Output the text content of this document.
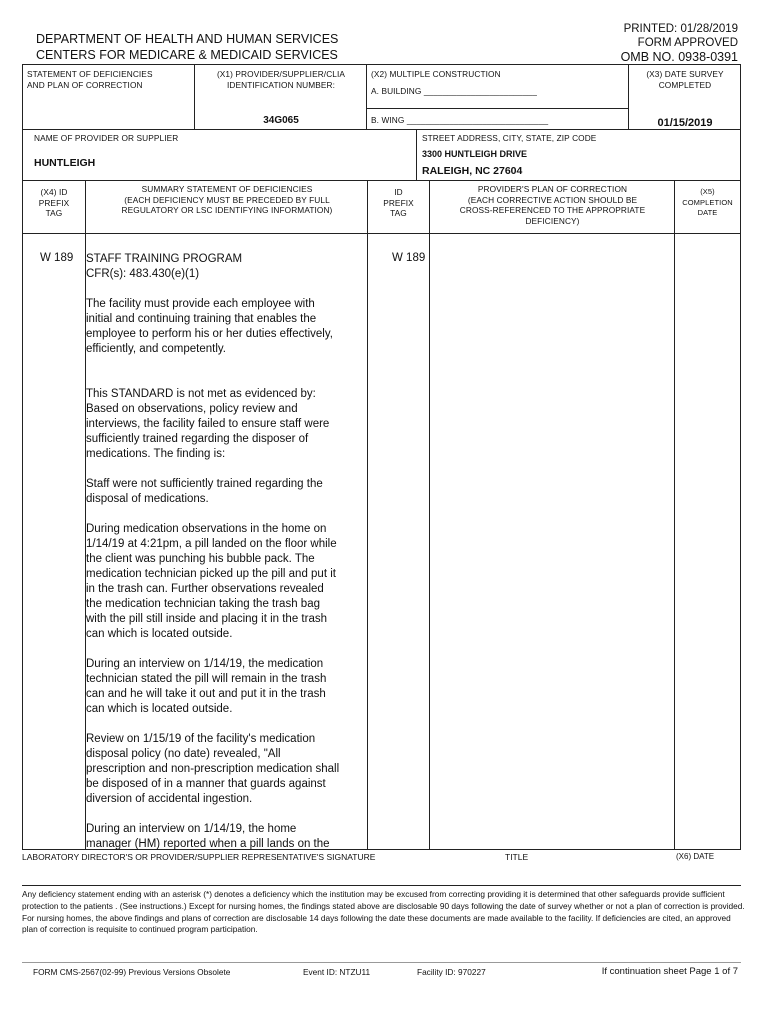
DEPARTMENT OF HEALTH AND HUMAN SERVICES
CENTERS FOR MEDICARE & MEDICAID SERVICES
PRINTED: 01/28/2019
FORM APPROVED
OMB NO. 0938-0391
STATEMENT OF DEFICIENCIES
AND PLAN OF CORRECTION
(X1) PROVIDER/SUPPLIER/CLIA
IDENTIFICATION NUMBER:
34G065
(X2) MULTIPLE CONSTRUCTION
A. BUILDING ________________________
B. WING ______________________________
(X3) DATE SURVEY
COMPLETED
01/15/2019
NAME OF PROVIDER OR SUPPLIER
HUNTLEIGH
STREET ADDRESS, CITY, STATE, ZIP CODE
3300 HUNTLEIGH DRIVE
RALEIGH, NC 27604
(X4) ID
PREFIX
TAG
SUMMARY STATEMENT OF DEFICIENCIES
(EACH DEFICIENCY MUST BE PRECEDED BY FULL
REGULATORY OR LSC IDENTIFYING INFORMATION)
ID
PREFIX
TAG
PROVIDER'S PLAN OF CORRECTION
(EACH CORRECTIVE ACTION SHOULD BE
CROSS-REFERENCED TO THE APPROPRIATE
DEFICIENCY)
(X5)
COMPLETION
DATE
W 189	W 189

STAFF TRAINING PROGRAM
CFR(s): 483.430(e)(1)

The facility must provide each employee with
initial and continuing training that enables the
employee to perform his or her duties effectively,
efficiently, and competently.

This STANDARD is not met as evidenced by:
Based on observations, policy review and
interviews, the facility failed to ensure staff were
sufficiently trained regarding the disposer of
medications. The finding is:

Staff were not sufficiently trained regarding the
disposal of medications.

During medication observations in the home on
1/14/19 at 4:21pm, a pill landed on the floor while
the client was punching his bubble pack. The
medication technician picked up the pill and put it
in the trash can. Further observations revealed
the medication technician taking the trash bag
with the pill still inside and placing it in the trash
can which is located outside.

During an interview on 1/14/19, the medication
technician stated the pill will remain in the trash
can and he will take it out and put it in the trash
can which is located outside.

Review on 1/15/19 of the facility's medication
disposal policy (no date) revealed, "All
prescription and non-prescription medication shall
be disposed of in a manner that guards against
diversion of accidental ingestion.

During an interview on 1/14/19, the home
manager (HM) reported when a pill lands on the

LABORATORY DIRECTOR'S OR PROVIDER/SUPPLIER REPRESENTATIVE'S SIGNATURE	TITLE	(X6) DATE
Any deficiency statement ending with an asterisk (*) denotes a deficiency which the institution may be excused from correcting providing it is determined that other safeguards provide sufficient protection to the patients . (See instructions.) Except for nursing homes, the findings stated above are disclosable 90 days following the date of survey whether or not a plan of correction is provided. For nursing homes, the above findings and plans of correction are disclosable 14 days following the date these documents are made available to the facility. If deficiencies are cited, an approved plan of correction is requisite to continued program participation.
FORM CMS-2567(02-99) Previous Versions Obsolete	Event ID: NTZU11	Facility ID: 970227	If continuation sheet Page 1 of 7
